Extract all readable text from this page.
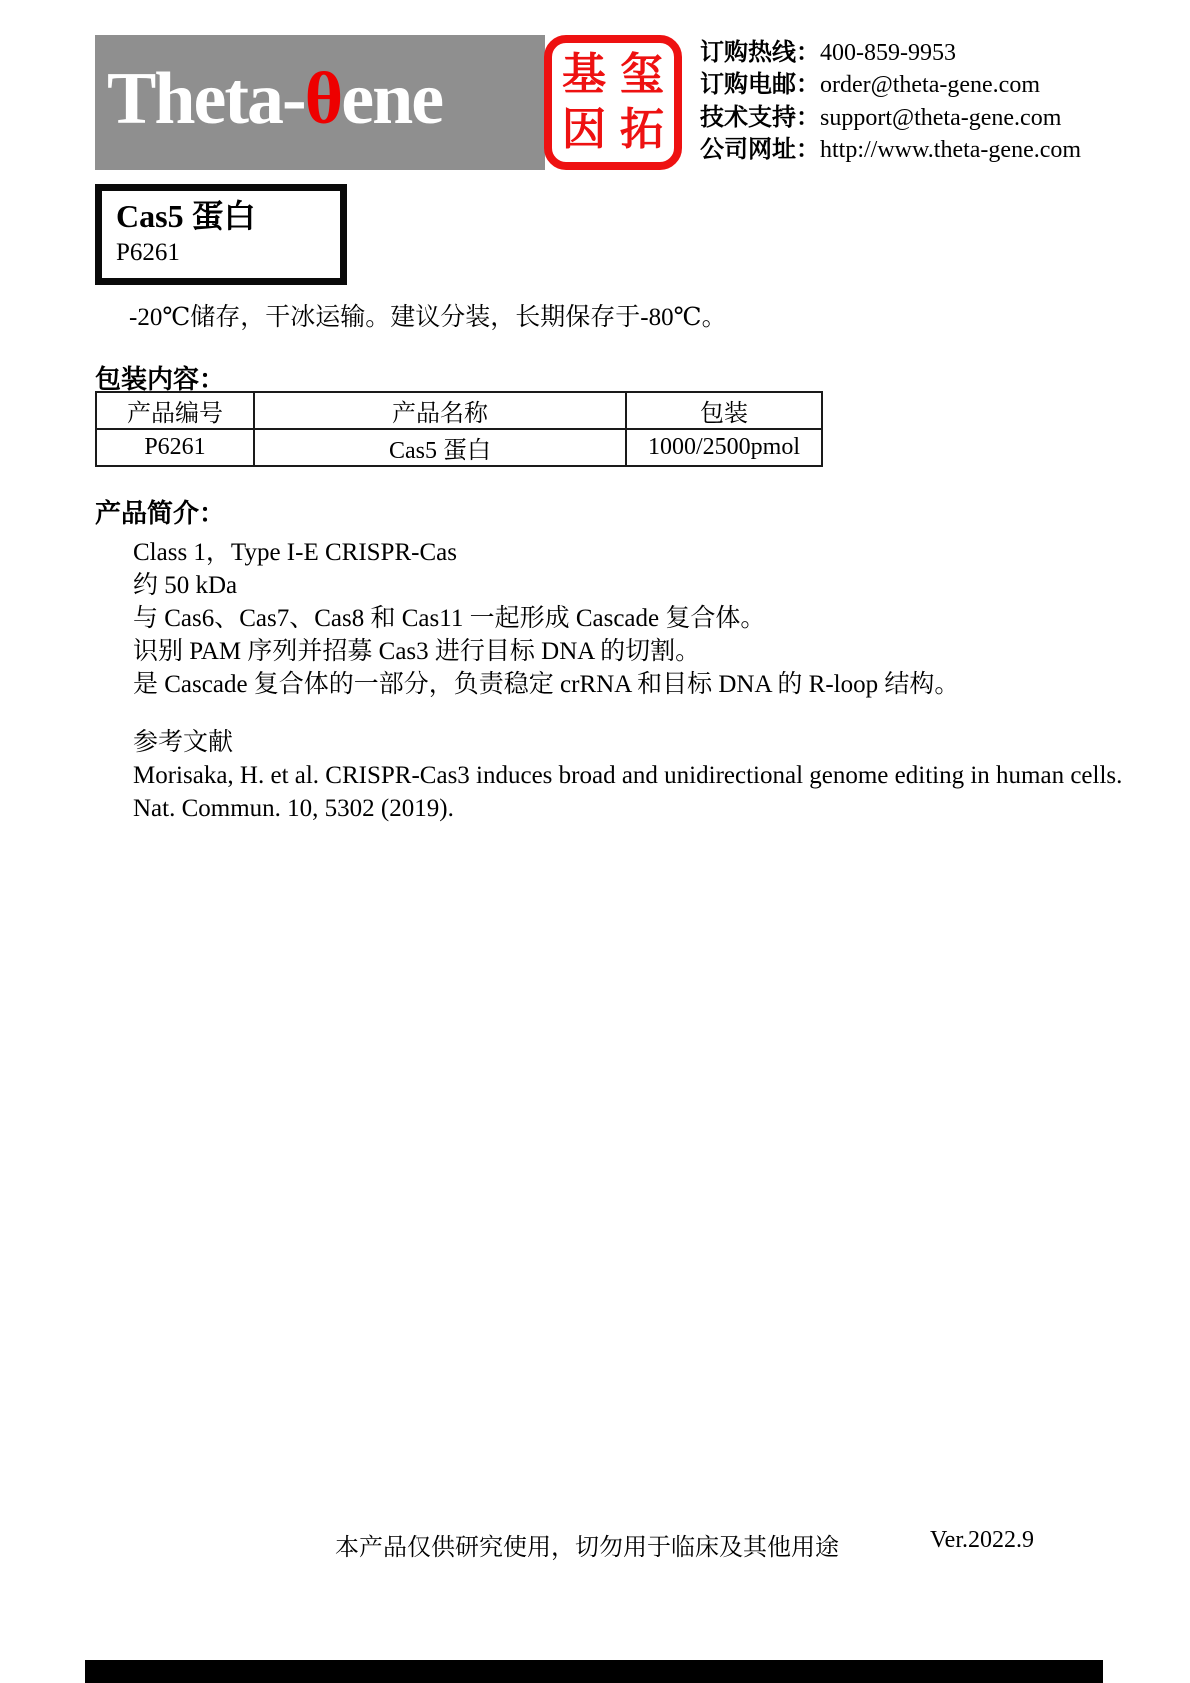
Theta-θene	基 玺
因 拓
订购热线：400-859-9953
订购电邮：order@theta-gene.com
技术支持：support@theta-gene.com
公司网址：http://www.theta-gene.com
Cas5 蛋白
P6261
-20℃储存，干冰运输。建议分装，长期保存于-80℃。
包装内容：
产品编号	产品名称	包装
P6261	Cas5 蛋白	1000/2500pmol
产品简介：
Class 1，Type I-E CRISPR-Cas
约 50 kDa
与 Cas6、Cas7、Cas8 和 Cas11 一起形成 Cascade 复合体。
识别 PAM 序列并招募 Cas3 进行目标 DNA 的切割。
是 Cascade 复合体的一部分，负责稳定 crRNA 和目标 DNA 的 R-loop 结构。
参考文献
Morisaka, H. et al. CRISPR-Cas3 induces broad and unidirectional genome editing in human cells.
Nat. Commun. 10, 5302 (2019).
本产品仅供研究使用，切勿用于临床及其他用途	Ver.2022.9
